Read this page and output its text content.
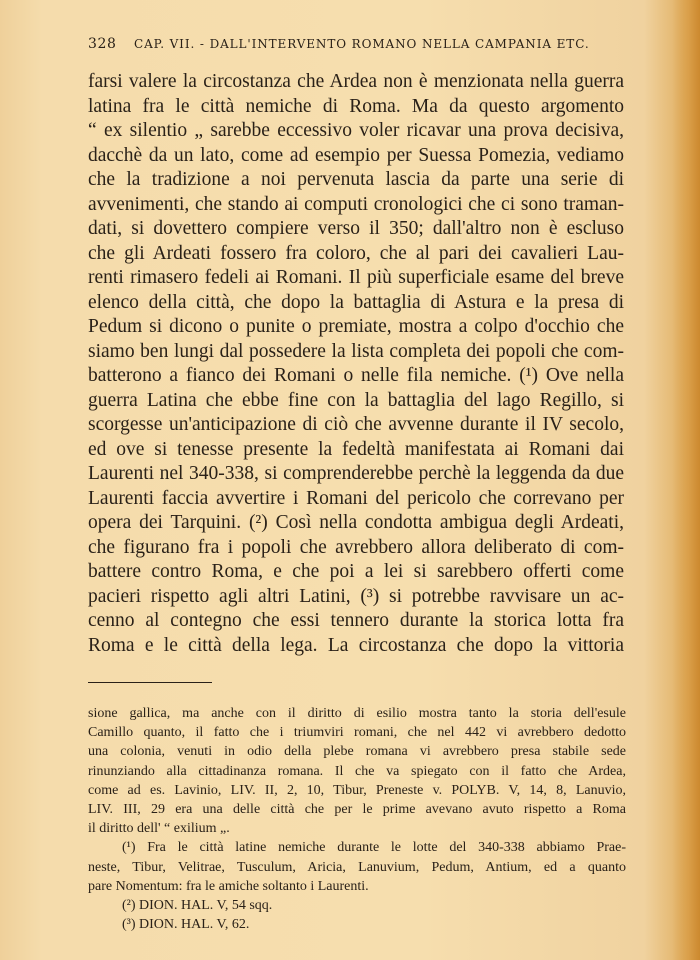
328 CAP. VII. - DALL'INTERVENTO ROMANO NELLA CAMPANIA ETC.
farsi valere la circostanza che Ardea non è menzionata nella guerra
latina fra le città nemiche di Roma. Ma da questo argomento
“ ex silentio „ sarebbe eccessivo voler ricavar una prova decisiva,
dacchè da un lato, come ad esempio per Suessa Pomezia, vediamo
che la tradizione a noi pervenuta lascia da parte una serie di
avvenimenti, che stando ai computi cronologici che ci sono traman-
dati, si dovettero compiere verso il 350; dall'altro non è escluso
che gli Ardeati fossero fra coloro, che al pari dei cavalieri Lau-
renti rimasero fedeli ai Romani. Il più superficiale esame del breve
elenco della città, che dopo la battaglia di Astura e la presa di
Pedum si dicono o punite o premiate, mostra a colpo d'occhio che
siamo ben lungi dal possedere la lista completa dei popoli che com-
batterono a fianco dei Romani o nelle fila nemiche. (¹) Ove nella
guerra Latina che ebbe fine con la battaglia del lago Regillo, si
scorgesse un'anticipazione di ciò che avvenne durante il IV secolo,
ed ove si tenesse presente la fedeltà manifestata ai Romani dai
Laurenti nel 340-338, si comprenderebbe perchè la leggenda da due
Laurenti faccia avvertire i Romani del pericolo che correvano per
opera dei Tarquini. (²) Così nella condotta ambigua degli Ardeati,
che figurano fra i popoli che avrebbero allora deliberato di com-
battere contro Roma, e che poi a lei si sarebbero offerti come
pacieri rispetto agli altri Latini, (³) si potrebbe ravvisare un ac-
cenno al contegno che essi tennero durante la storica lotta fra
Roma e le città della lega. La circostanza che dopo la vittoria
sione gallica, ma anche con il diritto di esilio mostra tanto la storia dell'esule
Camillo quanto, il fatto che i triumviri romani, che nel 442 vi avrebbero dedotto
una colonia, venuti in odio della plebe romana vi avrebbero presa stabile sede
rinunziando alla cittadinanza romana. Il che va spiegato con il fatto che Ardea,
come ad es. Lavinio, LIV. II, 2, 10, Tibur, Preneste v. POLYB. V, 14, 8, Lanuvio,
LIV. III, 29 era una delle città che per le prime avevano avuto rispetto a Roma
il diritto dell' “ exilium „.
(¹) Fra le città latine nemiche durante le lotte del 340-338 abbiamo Prae-
neste, Tibur, Velitrae, Tusculum, Aricia, Lanuvium, Pedum, Antium, ed a quanto
pare Nomentum: fra le amiche soltanto i Laurenti.
(²) DION. HAL. V, 54 sqq.
(³) DION. HAL. V, 62.
